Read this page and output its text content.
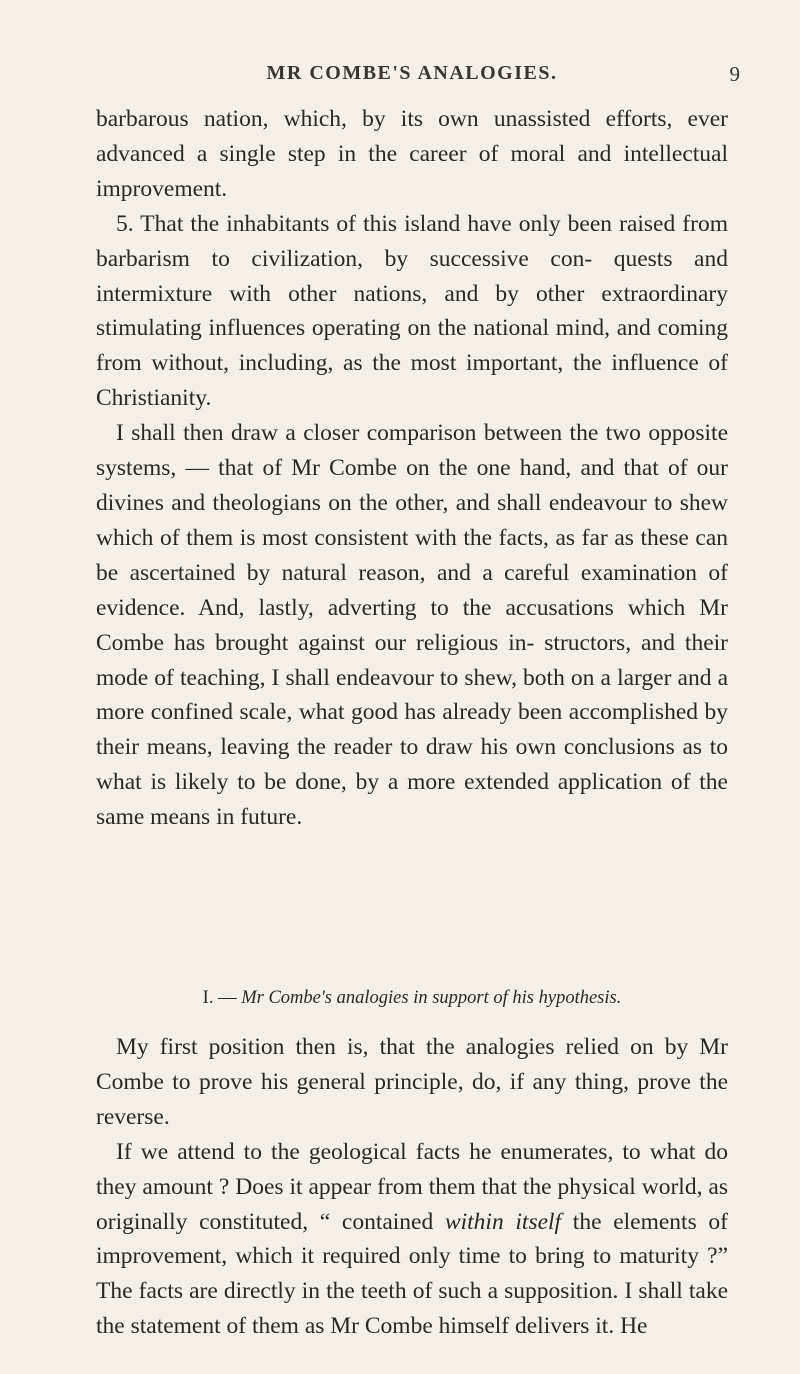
MR COMBE'S ANALOGIES.	9

barbarous nation, which, by its own unassisted efforts, ever advanced a single step in the career of moral and intellectual improvement.

5. That the inhabitants of this island have only been raised from barbarism to civilization, by successive con- quests and intermixture with other nations, and by other extraordinary stimulating influences operating on the national mind, and coming from without, including, as the most important, the influence of Christianity.

I shall then draw a closer comparison between the two opposite systems, — that of Mr Combe on the one hand, and that of our divines and theologians on the other, and shall endeavour to shew which of them is most consistent with the facts, as far as these can be ascertained by natural reason, and a careful examination of evidence. And, lastly, adverting to the accusations which Mr Combe has brought against our religious in- structors, and their mode of teaching, I shall endeavour to shew, both on a larger and a more confined scale, what good has already been accomplished by their means, leaving the reader to draw his own conclusions as to what is likely to be done, by a more extended application of the same means in future.

I. — Mr Combe's analogies in support of his hypothesis.

My first position then is, that the analogies relied on by Mr Combe to prove his general principle, do, if any thing, prove the reverse.

If we attend to the geological facts he enumerates, to what do they amount ? Does it appear from them that the physical world, as originally constituted, “ contained within itself the elements of improvement, which it required only time to bring to maturity ?” The facts are directly in the teeth of such a supposition. I shall take the statement of them as Mr Combe himself delivers it. He
